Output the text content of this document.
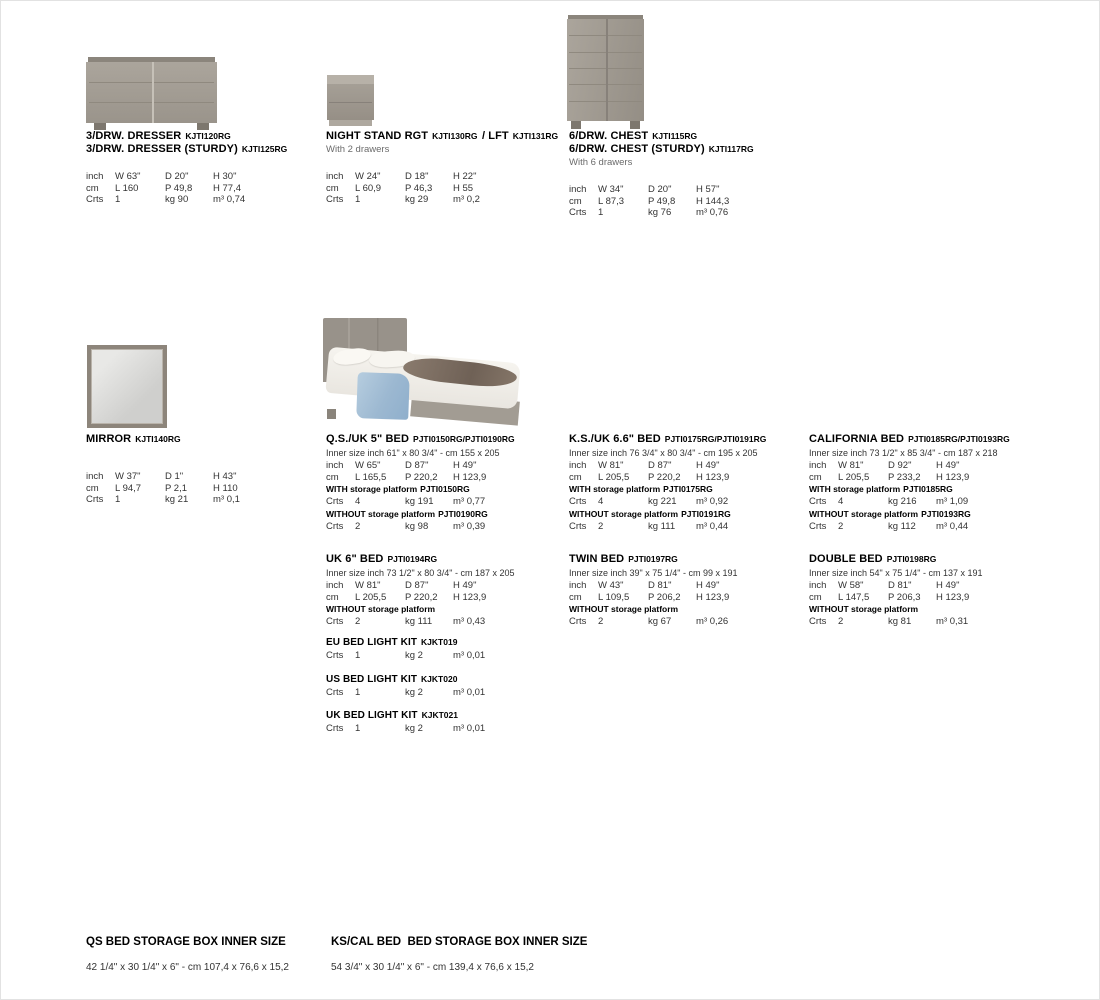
3/DRW. DRESSER KJTI120RG
3/DRW. DRESSER (STURDY) KJTI125RG
inch	W 63"	D 20"	H 30"
cm	L 160	P 49,8	H 77,4
Crts	1	kg 90	m³ 0,74
NIGHT STAND RGT KJTI130RG / LFT KJTI131RG
With 2 drawers
inch	W 24"	D 18"	H 22"
cm	L 60,9	P 46,3	H 55
Crts	1	kg 29	m³ 0,2
6/DRW. CHEST KJTI115RG
6/DRW. CHEST (STURDY) KJTI117RG
With 6 drawers
inch	W 34"	D 20"	H 57"
cm	L 87,3	P 49,8	H 144,3
Crts	1	kg 76	m³ 0,76
MIRROR KJTI140RG
inch	W 37"	D 1"	H 43"
cm	L 94,7	P 2,1	H 110
Crts	1	kg 21	m³ 0,1
Q.S./UK 5" BED PJTI0150RG/PJTI0190RG
Inner size inch 61" x 80 3/4" - cm 155 x 205
inch	W 65"	D 87"	H 49"
cm	L 165,5	P 220,2	H 123,9
WITH storage platform PJTI0150RG
Crts	4	kg 191	m³ 0,77
WITHOUT storage platform PJTI0190RG
Crts	2	kg 98	m³ 0,39
K.S./UK 6.6" BED PJTI0175RG/PJTI0191RG
Inner size inch 76 3/4" x 80 3/4" - cm 195 x 205
inch	W 81"	D 87"	H 49"
cm	L 205,5	P 220,2	H 123,9
WITH storage platform PJTI0175RG
Crts	4	kg 221	m³ 0,92
WITHOUT storage platform PJTI0191RG
Crts	2	kg 111	m³ 0,44
CALIFORNIA BED PJTI0185RG/PJTI0193RG
Inner size inch 73 1/2" x 85 3/4" - cm 187 x 218
inch	W 81"	D 92"	H 49"
cm	L 205,5	P 233,2	H 123,9
WITH storage platform PJTI0185RG
Crts	4	kg 216	m³ 1,09
WITHOUT storage platform PJTI0193RG
Crts	2	kg 112	m³ 0,44
UK 6" BED PJTI0194RG
Inner size inch 73 1/2" x 80 3/4" - cm 187 x 205
inch	W 81"	D 87"	H 49"
cm	L 205,5	P 220,2	H 123,9
WITHOUT storage platform
Crts	2	kg 111	m³ 0,43
TWIN BED PJTI0197RG
Inner size inch 39" x 75 1/4" - cm 99 x 191
inch	W 43"	D 81"	H 49"
cm	L 109,5	P 206,2	H 123,9
WITHOUT storage platform
Crts	2	kg 67	m³ 0,26
DOUBLE BED PJTI0198RG
Inner size inch 54" x 75 1/4" - cm 137 x 191
inch	W 58"	D 81"	H 49"
cm	L 147,5	P 206,3	H 123,9
WITHOUT storage platform
Crts	2	kg 81	m³ 0,31
EU BED LIGHT KIT KJKT019
Crts	1	kg 2	m³ 0,01
US BED LIGHT KIT KJKT020
Crts	1	kg 2	m³ 0,01
UK BED LIGHT KIT KJKT021
Crts	1	kg 2	m³ 0,01
QS BED STORAGE BOX INNER SIZE
42 1/4" x 30 1/4" x 6" - cm 107,4 x 76,6 x 15,2
KS/CAL BED  BED STORAGE BOX INNER SIZE
54 3/4" x 30 1/4" x 6" - cm 139,4 x 76,6 x 15,2
